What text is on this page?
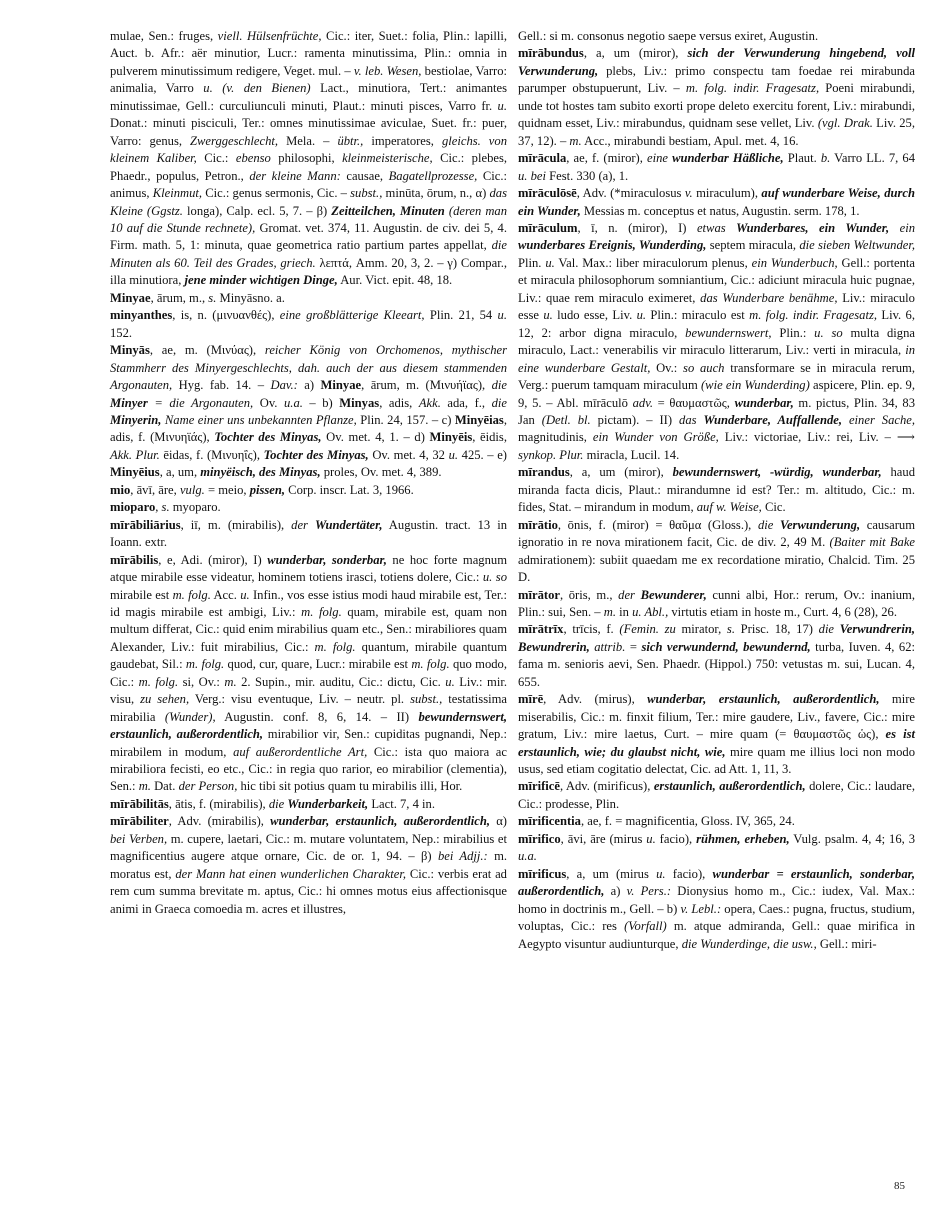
mulae, Sen.: fruges, viell. Hülsenfrüchte, Cic.: iter, Suet.: folia, Plin.: lapilli, Auct. b. Afr.: aër minutior, Lucr.: ramenta minutissima, Plin.: omnia in pulverem minutissimum redigere, Veget. mul. – v. leb. Wesen, bestiolae, Varro: animalia, Varro u. (v. den Bienen) Lact., minutiora, Tert.: animantes minutissimae, Gell.: curculiunculi minuti, Plaut.: minuti pisces, Varro fr. u. Donat.: minuti pisciculi, Ter.: omnes minutissimae aviculae, Suet. fr.: puer, Varro: genus, Zwerggeschlecht, Mela. – übtr., imperatores, gleichs. von kleinem Kaliber, Cic.: ebenso philosophi, kleinmeisterische, Cic.: plebes, Phaedr., populus, Petron., der kleine Mann: causae, Bagatellprozesse, Cic.: animus, Kleinmut, Cic.: genus sermonis, Cic. – subst., minūta, ōrum, n., α) das Kleine (Ggstz. longa), Calp. ecl. 5, 7. – β) Zeitteilchen, Minuten (deren man 10 auf die Stunde rechnete), Gromat. vet. 374, 11. Augustin. de civ. dei 5, 4. Firm. math. 5, 1: minuta, quae geometrica ratio partium partes appellat, die Minuten als 60. Teil des Grades, griech. λεπτά, Amm. 20, 3, 2. – γ) Compar., illa minutiora, jene minder wichtigen Dinge, Aur. Vict. epit. 48, 18.

Minyae, ārum, m., s. Minyāsno. a.

minyanthes, is, n. (μινυανθές), eine großblätterige Kleeart, Plin. 21, 54 u. 152.

Minyās, ae, m. (Μινύας), reicher König von Orchomenos, mythischer Stammherr des Minyergeschlechts, dah. auch der aus diesem stammenden Argonauten, Hyg. fab. 14. – Dav.: a) Minyae, ārum, m. (Μινυήϊας), die Minyer = die Argonauten, Ov. u.a. – b) Minyas, adis, Akk. ada, f., die Minyerin, Name einer uns unbekannten Pflanze, Plin. 24, 157. – c) Minyēias, adis, f. (Μινυηϊάς), Tochter des Minyas, Ov. met. 4, 1. – d) Minyēis, ēidis, Akk. Plur. ēidas, f. (Μινυηΐς), Tochter des Minyas, Ov. met. 4, 32 u. 425. – e) Minyēius, a, um, minyëisch, des Minyas, proles, Ov. met. 4, 389.

mio, āvī, āre, vulg. = meio, pissen, Corp. inscr. Lat. 3, 1966.

mioparo, s. myoparo.

mīrābiliārius, iī, m. (mirabilis), der Wundertäter, Augustin. tract. 13 in Ioann. extr.

mīrābilis, e, Adi. (miror), I) wunderbar, sonderbar, ne hoc forte magnum atque mirabile esse videatur, hominem totiens irasci, totiens dolere, Cic.: u. so mirabile est m. folg. Acc. u. Infin., vos esse istius modi haud mirabile est, Ter.: id magis mirabile est ambigi, Liv.: m. folg. quam, mirabile est, quam non multum differat, Cic.: quid enim mirabilius quam etc., Sen.: mirabiliores quam Alexander, Liv.: fuit mirabilius, Cic.: m. folg. quantum, mirabile quantum gaudebat, Sil.: m. folg. quod, cur, quare, Lucr.: mirabile est m. folg. quo modo, Cic.: m. folg. si, Ov.: m. 2. Supin., mir. auditu, Cic.: dictu, Cic. u. Liv.: mir. visu, zu sehen, Verg.: visu eventuque, Liv. – neutr. pl. subst., testatissima mirabilia (Wunder), Augustin. conf. 8, 6, 14. – II) bewundernswert, erstaunlich, außerordentlich, mirabilior vir, Sen.: cupiditas pugnandi, Nep.: mirabilem in modum, auf außerordentliche Art, Cic.: ista quo maiora ac mirabiliora fecisti, eo etc., Cic.: in regia quo rarior, eo mirabilior (clementia), Sen.: m. Dat. der Person, hic tibi sit potius quam tu mirabilis illi, Hor.

mīrābilitās, ātis, f. (mirabilis), die Wunderbarkeit, Lact. 7, 4 in.

mīrābiliter, Adv. (mirabilis), wunderbar, erstaunlich, außerordentlich, α) bei Verben, m. cupere, laetari, Cic.: m. mutare voluntatem, Nep.: mirabilius et magnificentius augere atque ornare, Cic. de or. 1, 94. – β) bei Adjj.: m. moratus est, der Mann hat einen wunderlichen Charakter, Cic.: verbis erat ad rem cum summa brevitate m. aptus, Cic.: hi omnes motus eius affectionisque animi in Graeca comoedia m. acres et illustres,

Gell.: si m. consonus negotio saepe versus exiret, Augustin.

mīrābundus, a, um (miror), sich der Verwunderung hingebend, voll Verwunderung, plebs, Liv.: primo conspectu tam foedae rei mirabunda parumper obstupuerunt, Liv. – m. folg. indir. Fragesatz, Poeni mirabundi, unde tot hostes tam subito exorti prope deleto exercitu forent, Liv.: mirabundi, quidnam esset, Liv.: mirabundus, quidnam sese vellet, Liv. (vgl. Drak. Liv. 25, 37, 12). – m. Acc., mirabundi bestiam, Apul. met. 4, 16.

mīrācula, ae, f. (miror), eine wunderbar Häßliche, Plaut. b. Varro LL. 7, 64 u. bei Fest. 330 (a), 1.

mīrāculōsē, Adv. (*miraculosus v. miraculum), auf wunderbare Weise, durch ein Wunder, Messias m. conceptus et natus, Augustin. serm. 178, 1.

mīrāculum, ī, n. (miror), I) etwas Wunderbares, ein Wunder, ein wunderbares Ereignis, Wunderding, septem miracula, die sieben Weltwunder, Plin. u. Val. Max.: liber miraculorum plenus, ein Wunderbuch, Gell.: portenta et miracula philosophorum somniantium, Cic.: adiciunt miracula huic pugnae, Liv.: quae rem miraculo eximeret, das Wunderbare benähme, Liv.: miraculo esse u. ludo esse, Liv. u. Plin.: miraculo est m. folg. indir. Fragesatz, Liv. 6, 12, 2: arbor digna miraculo, bewundernswert, Plin.: u. so multa digna miraculo, Lact.: venerabilis vir miraculo litterarum, Liv.: verti in miracula, in eine wunderbare Gestalt, Ov.: so auch transformare se in miracula rerum, Verg.: puerum tamquam miraculum (wie ein Wunderding) aspicere, Plin. ep. 9, 9, 5. – Abl. mīrāculō adv. = θαυμαστῶς, wunderbar, m. pictus, Plin. 34, 83 Jan (Detl. bl. pictam). – II) das Wunderbare, Auffallende, einer Sache, magnitudinis, ein Wunder von Größe, Liv.: victoriae, Liv.: rei, Liv. – ⟶ synkop. Plur. miracla, Lucil. 14.

mīrandus, a, um (miror), bewundernswert, -würdig, wunderbar, haud miranda facta dicis, Plaut.: mirandumne id est? Ter.: m. altitudo, Cic.: m. fides, Stat. – mirandum in modum, auf w. Weise, Cic.

mīrātio, ōnis, f. (miror) = θαῦμα (Gloss.), die Verwunderung, causarum ignoratio in re nova mirationem facit, Cic. de div. 2, 49 M. (Baiter mit Bake admirationem): subiit quaedam me ex recordatione miratio, Chalcid. Tim. 25 D.

mīrātor, ōris, m., der Bewunderer, cunni albi, Hor.: rerum, Ov.: inanium, Plin.: sui, Sen. – m. in u. Abl., virtutis etiam in hoste m., Curt. 4, 6 (28), 26.

mīrātrīx, trīcis, f. (Femin. zu mirator, s. Prisc. 18, 17) die Verwundrerin, Bewundrerin, attrib. = sich verwundernd, bewundernd, turba, Iuven. 4, 62: fama m. senioris aevi, Sen. Phaedr. (Hippol.) 750: vetustas m. sui, Lucan. 4, 655.

mīrē, Adv. (mirus), wunderbar, erstaunlich, außerordentlich, mire miserabilis, Cic.: m. finxit filium, Ter.: mire gaudere, Liv., favere, Cic.: mire gratum, Liv.: mire laetus, Curt. – mire quam (= θαυμαστῶς ὡς), es ist erstaunlich, wie; du glaubst nicht, wie, mire quam me illius loci non modo usus, sed etiam cogitatio delectat, Cic. ad Att. 1, 11, 3.

mīrificē, Adv. (mirificus), erstaunlich, außerordentlich, dolere, Cic.: laudare, Cic.: prodesse, Plin.

mīrificentia, ae, f. = magnificentia, Gloss. IV, 365, 24.

mīrifico, āvi, āre (mirus u. facio), rühmen, erheben, Vulg. psalm. 4, 4; 16, 3 u.a.

mīrificus, a, um (mirus u. facio), wunderbar = erstaunlich, sonderbar, außerordentlich, a) v. Pers.: Dionysius homo m., Cic.: iudex, Val. Max.: homo in doctrinis m., Gell. – b) v. Lebl.: opera, Caes.: pugna, fructus, studium, voluptas, Cic.: res (Vorfall) m. atque admiranda, Gell.: quae mirifica in Aegypto visuntur audiunturque, die Wunderdinge, die usw., Gell.: miri-

85
